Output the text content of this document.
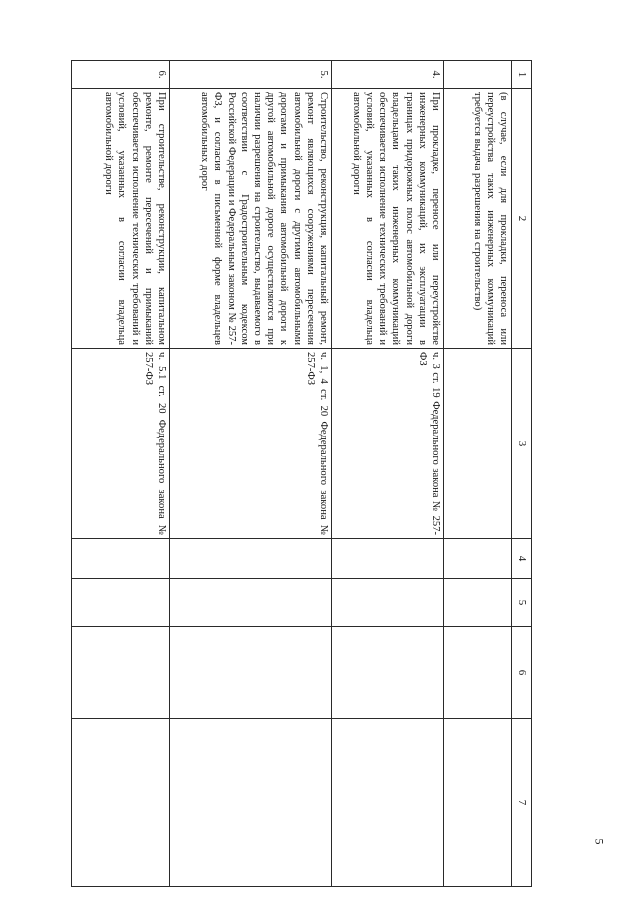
1	2	3	4	5	6	7
	(в случае, если для прокладки, переноса или переустройства таких инженерных коммуникаций требуется выдача разрешения на строительство)					
4.	При прокладке, переносе или переустройстве инженерных коммуникаций, их эксплуатации в границах придорожных полос автомобильной дороги владельцами таких инженерных коммуникаций обеспечивается исполнение технических требований и условий, указанных в согласии владельца автомобильной дороги	ч. 3 ст. 19 Федерального закона № 257-ФЗ				
5.	Строительство, реконструкция, капитальный ремонт, ремонт являющихся сооружениями пересечения автомобильной дороги с другими автомобильными дорогами и примыкания автомобильной дороги к другой автомобильной дороге осуществляются при наличии разрешения на строительство, выдаваемого в соответствии с Градостроительным кодексом Российской Федерации и Федеральным законом № 257-ФЗ, и согласия в письменной форме владельцев автомобильных дорог	ч. 1, 4 ст. 20 Федерального закона № 257-ФЗ				
6.	При строительстве, реконструкции, капитальном ремонте, ремонте пересечений и примыканий обеспечивается исполнение технических требований и условий, указанных в согласии владельца автомобильной дороги	ч. 5.1 ст. 20 Федерального закона № 257-ФЗ				
5
